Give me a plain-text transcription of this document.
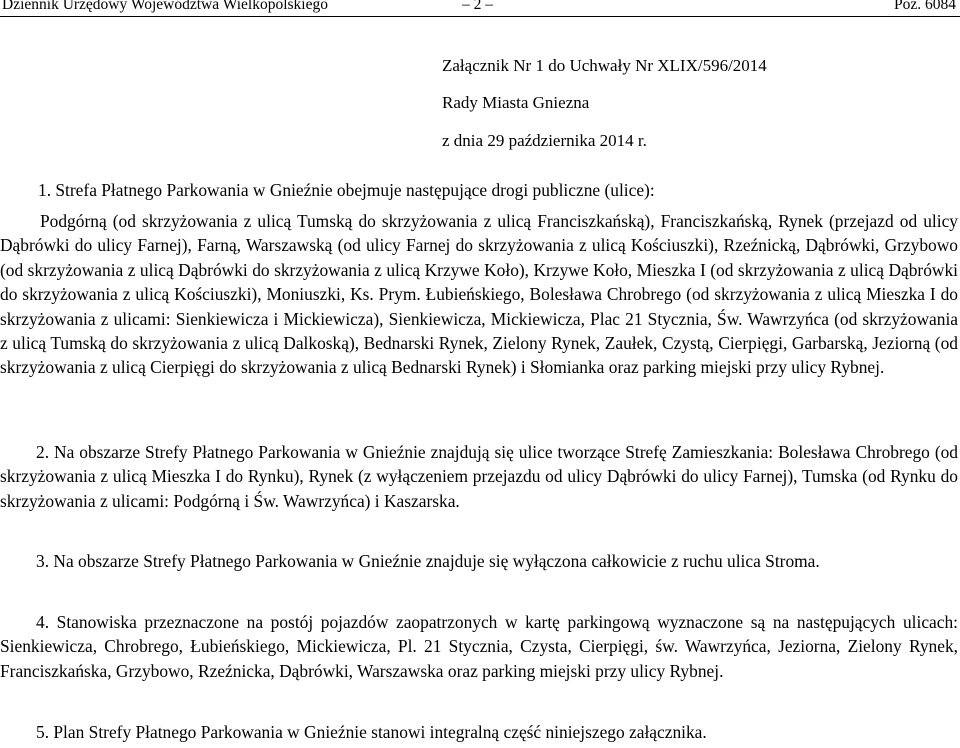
Dziennik Urzędowy Województwa Wielkopolskiego	– 2 –	Poz. 6084
Załącznik Nr 1 do Uchwały Nr XLIX/596/2014
Rady Miasta Gniezna
z dnia 29 października 2014 r.
1. Strefa Płatnego Parkowania w Gnieźnie obejmuje następujące drogi publiczne (ulice):
Podgórną (od skrzyżowania z ulicą Tumską do skrzyżowania z ulicą Franciszkańską), Franciszkańską, Rynek (przejazd od ulicy Dąbrówki do ulicy Farnej), Farną, Warszawską (od ulicy Farnej do skrzyżowania z ulicą Kościuszki), Rzeźnicką, Dąbrówki, Grzybowo (od skrzyżowania z ulicą Dąbrówki do skrzyżowania z ulicą Krzywe Koło), Krzywe Koło, Mieszka I (od skrzyżowania z ulicą Dąbrówki do skrzyżowania z ulicą Kościuszki), Moniuszki, Ks. Prym. Łubieńskiego, Bolesława Chrobrego (od skrzyżowania z ulicą Mieszka I do skrzyżowania z ulicami: Sienkiewicza i Mickiewicza), Sienkiewicza, Mickiewicza, Plac 21 Stycznia, Św. Wawrzyńca (od skrzyżowania z ulicą Tumską do skrzyżowania z ulicą Dalkoską), Bednarski Rynek, Zielony Rynek, Zaułek, Czystą, Cierpięgi, Garbarską, Jeziorną (od skrzyżowania z ulicą Cierpięgi do skrzyżowania z ulicą Bednarski Rynek) i Słomianka oraz parking miejski przy ulicy Rybnej.
2. Na obszarze Strefy Płatnego Parkowania w Gnieźnie znajdują się ulice tworzące Strefę Zamieszkania: Bolesława Chrobrego (od skrzyżowania z ulicą Mieszka I do Rynku), Rynek (z wyłączeniem przejazdu od ulicy Dąbrówki do ulicy Farnej), Tumska (od Rynku do skrzyżowania z ulicami: Podgórną i Św. Wawrzyńca) i Kaszarska.
3. Na obszarze Strefy Płatnego Parkowania w Gnieźnie znajduje się wyłączona całkowicie z ruchu ulica Stroma.
4. Stanowiska przeznaczone na postój pojazdów zaopatrzonych w kartę parkingową wyznaczone są na następujących ulicach: Sienkiewicza, Chrobrego, Łubieńskiego, Mickiewicza, Pl. 21 Stycznia, Czysta, Cierpięgi, św. Wawrzyńca, Jeziorna, Zielony Rynek, Franciszkańska, Grzybowo, Rzeźnicka, Dąbrówki, Warszawska oraz parking miejski przy ulicy Rybnej.
5. Plan Strefy Płatnego Parkowania w Gnieźnie stanowi integralną część niniejszego załącznika.
